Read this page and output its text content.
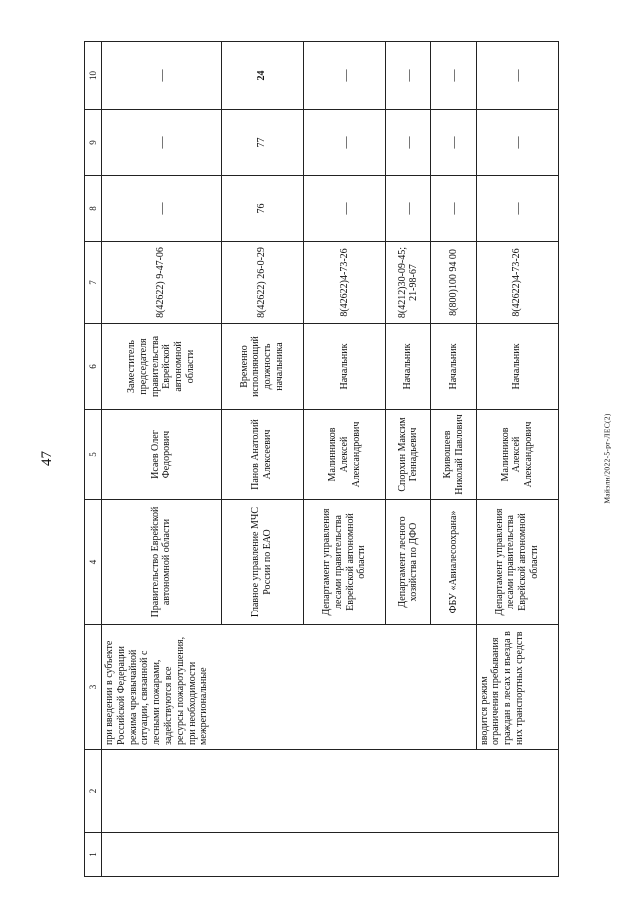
47	Майэлн/2022-5-рг-ЛЕС(2)
1	2	3	4	5	6	7	8	9	10
		при введении в субъекте Российской Федерации режима чрезвычайной ситуации, связанной с лесными пожарами, задействуются все ресурсы пожаротушения, при необходимости межрегиональные	Правительство Еврейской автономной области	Исаев Олег Федорович	Заместитель председателя правительства Еврейской автономной области	8(42622) 9-47-06	—	—	—
			Главное управление МЧС России по ЕАО	Панов Анатолий Алексеевич	Временно исполняющий должность начальника	8(42622) 26-0-29	76	77	24
			Департамент управления лесами правительства Еврейской автономной области	Малинников Алексей Александрович	Начальник	8(42622)4-73-26	—	—	—
			Департамент лесного хозяйства по ДФО	Спорхин Максим Геннадьевич	Начальник	8(4212)30-09-45; 21-98-67	—	—	—
			ФБУ «Авиалесоохрана»	Кривошеев Николай Павлович	Начальник	8(800)100 94 00	—	—	—
		вводится режим ограничения пребывания граждан в лесах и въезда в них транспортных средств	Департамент управления лесами правительства Еврейской автономной области	Малинников Алексей Александрович	Начальник	8(42622)4-73-26	—	—	—
